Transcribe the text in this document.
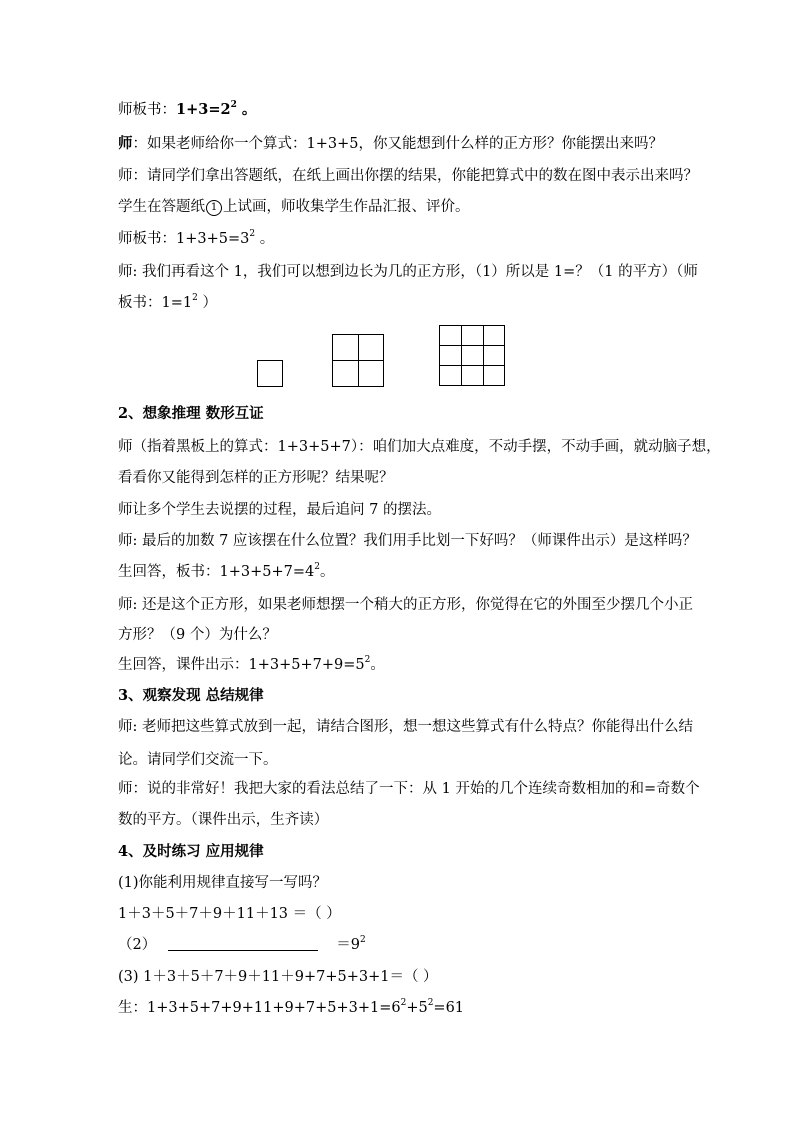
师板书：$1+3=2^2$ 。
师：如果老师给你一个算式：1+3+5，你又能想到什么样的正方形？你能摆出来吗？
师：请同学们拿出答题纸，在纸上画出你摆的结果，你能把算式中的数在图中表示出来吗？
学生在答题纸 1 上试画，师收集学生作品汇报、评价。
师板书：$1+3+5=3^2$ 。
师: 我们再看这个 1，我们可以想到边长为几的正方形，（1）所以是 1=？（1 的平方）（师
板书：$1=1^2$ ）
2、想象推理 数形互证
师（指着黑板上的算式：1+3+5+7）：咱们加大点难度，不动手摆，不动手画，就动脑子想，
看看你又能得到怎样的正方形呢？结果呢？
师让多个学生去说摆的过程，最后追问 7 的摆法。
师: 最后的加数 7 应该摆在什么位置？我们用手比划一下好吗？（师课件出示）是这样吗？
生回答，板书：$1+3+5+7=4^2$。
师: 还是这个正方形，如果老师想摆一个稍大的正方形，你觉得在它的外围至少摆几个小正
方形？（9 个）为什么？
生回答，课件出示：$1+3+5+7+9=5^2$。
3、观察发现 总结规律
师: 老师把这些算式放到一起，请结合图形，想一想这些算式有什么特点？你能得出什么结
论。请同学们交流一下。
师：说的非常好！我把大家的看法总结了一下：从 1 开始的几个连续奇数相加的和=奇数个
数的平方。（课件出示，生齐读）
4、及时练习 应用规律
(1)你能利用规律直接写一写吗？
1＋3＋5＋7＋9＋11＋13 ＝（ ）
（2）	$=9^2$
(3) 1＋3＋5＋7＋9＋11＋9+7+5+3+1＝（ ）
生：$1+3+5+7+9+11+9+7+5+3+1=6^2+5^2=61$
